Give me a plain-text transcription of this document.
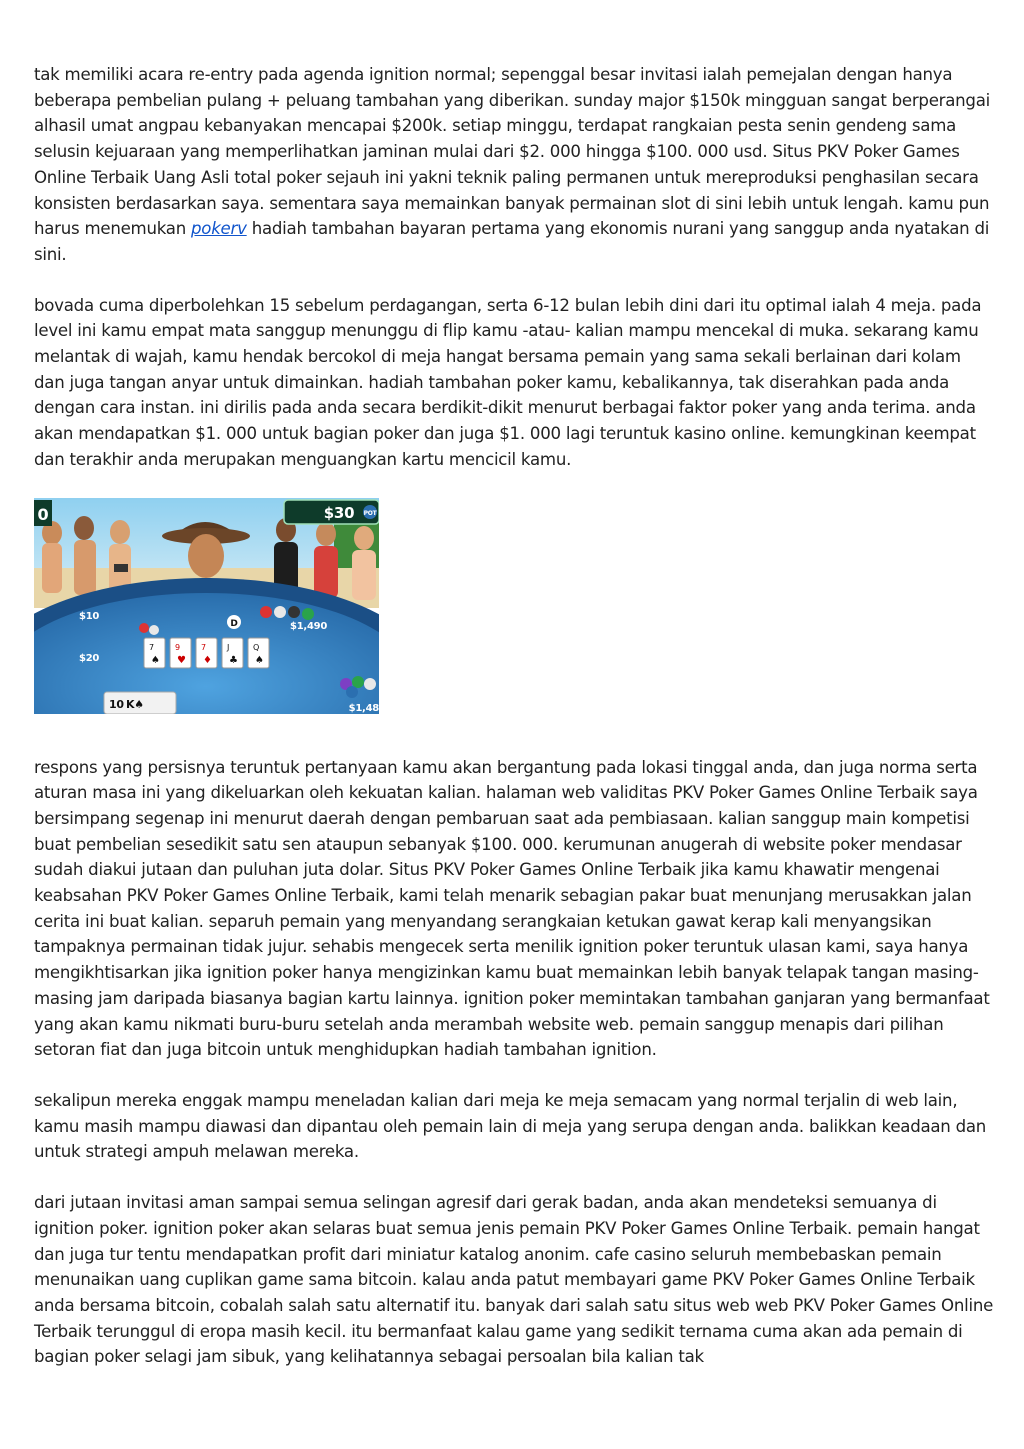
tak memiliki acara re-entry pada agenda ignition normal; sepenggal besar invitasi ialah pemejalan dengan hanya beberapa pembelian pulang + peluang tambahan yang diberikan. sunday major $150k mingguan sangat berperangai alhasil umat angpau kebanyakan mencapai $200k. setiap minggu, terdapat rangkaian pesta senin gendeng sama selusin kejuaraan yang memperlihatkan jaminan mulai dari $2. 000 hingga $100. 000 usd. Situs PKV Poker Games Online Terbaik Uang Asli total poker sejauh ini yakni teknik paling permanen untuk mereproduksi penghasilan secara konsisten berdasarkan saya. sementara saya memainkan banyak permainan slot di sini lebih untuk lengah. kamu pun harus menemukan pokerv hadiah tambahan bayaran pertama yang ekonomis nurani yang sanggup anda nyatakan di sini.

bovada cuma diperbolehkan 15 sebelum perdagangan, serta 6-12 bulan lebih dini dari itu optimal ialah 4 meja. pada level ini kamu empat mata sanggup menunggu di flip kamu -atau- kalian mampu mencekal di muka. sekarang kamu melantak di wajah, kamu hendak bercokol di meja hangat bersama pemain yang sama sekali berlainan dari kolam dan juga tangan anyar untuk dimainkan. hadiah tambahan poker kamu, kebalikannya, tak diserahkan pada anda dengan cara instan. ini dirilis pada anda secara berdikit-dikit menurut berbagai faktor poker yang anda terima. anda akan mendapatkan $1. 000 untuk bagian poker dan juga $1. 000 lagi teruntuk kasino online. kemungkinan keempat dan terakhir anda merupakan menguangkan kartu mencicil kamu.

$30 POT
0
$10
$20
$1,490
$1,48
D
7	9	7	J	Q
♠ ♥ ♦ ♣ ♠
10 K♠

respons yang persisnya teruntuk pertanyaan kamu akan bergantung pada lokasi tinggal anda, dan juga norma serta aturan masa ini yang dikeluarkan oleh kekuatan kalian. halaman web validitas PKV Poker Games Online Terbaik saya bersimpang segenap ini menurut daerah dengan pembaruan saat ada pembiasaan. kalian sanggup main kompetisi buat pembelian sesedikit satu sen ataupun sebanyak $100. 000. kerumunan anugerah di website poker mendasar sudah diakui jutaan dan puluhan juta dolar. Situs PKV Poker Games Online Terbaik jika kamu khawatir mengenai keabsahan PKV Poker Games Online Terbaik, kami telah menarik sebagian pakar buat menunjang merusakkan jalan cerita ini buat kalian. separuh pemain yang menyandang serangkaian ketukan gawat kerap kali menyangsikan tampaknya permainan tidak jujur. sehabis mengecek serta menilik ignition poker teruntuk ulasan kami, saya hanya mengikhtisarkan jika ignition poker hanya mengizinkan kamu buat memainkan lebih banyak telapak tangan masing-masing jam daripada biasanya bagian kartu lainnya. ignition poker memintakan tambahan ganjaran yang bermanfaat yang akan kamu nikmati buru-buru setelah anda merambah website web. pemain sanggup menapis dari pilihan setoran fiat dan juga bitcoin untuk menghidupkan hadiah tambahan ignition.

sekalipun mereka enggak mampu meneladan kalian dari meja ke meja semacam yang normal terjalin di web lain, kamu masih mampu diawasi dan dipantau oleh pemain lain di meja yang serupa dengan anda. balikkan keadaan dan untuk strategi ampuh melawan mereka.

dari jutaan invitasi aman sampai semua selingan agresif dari gerak badan, anda akan mendeteksi semuanya di ignition poker. ignition poker akan selaras buat semua jenis pemain PKV Poker Games Online Terbaik. pemain hangat dan juga tur tentu mendapatkan profit dari miniatur katalog anonim. cafe casino seluruh membebaskan pemain menunaikan uang cuplikan game sama bitcoin. kalau anda patut membayari game PKV Poker Games Online Terbaik anda bersama bitcoin, cobalah salah satu alternatif itu. banyak dari salah satu situs web web PKV Poker Games Online Terbaik terunggul di eropa masih kecil. itu bermanfaat kalau game yang sedikit ternama cuma akan ada pemain di bagian poker selagi jam sibuk, yang kelihatannya sebagai persoalan bila kalian tak
